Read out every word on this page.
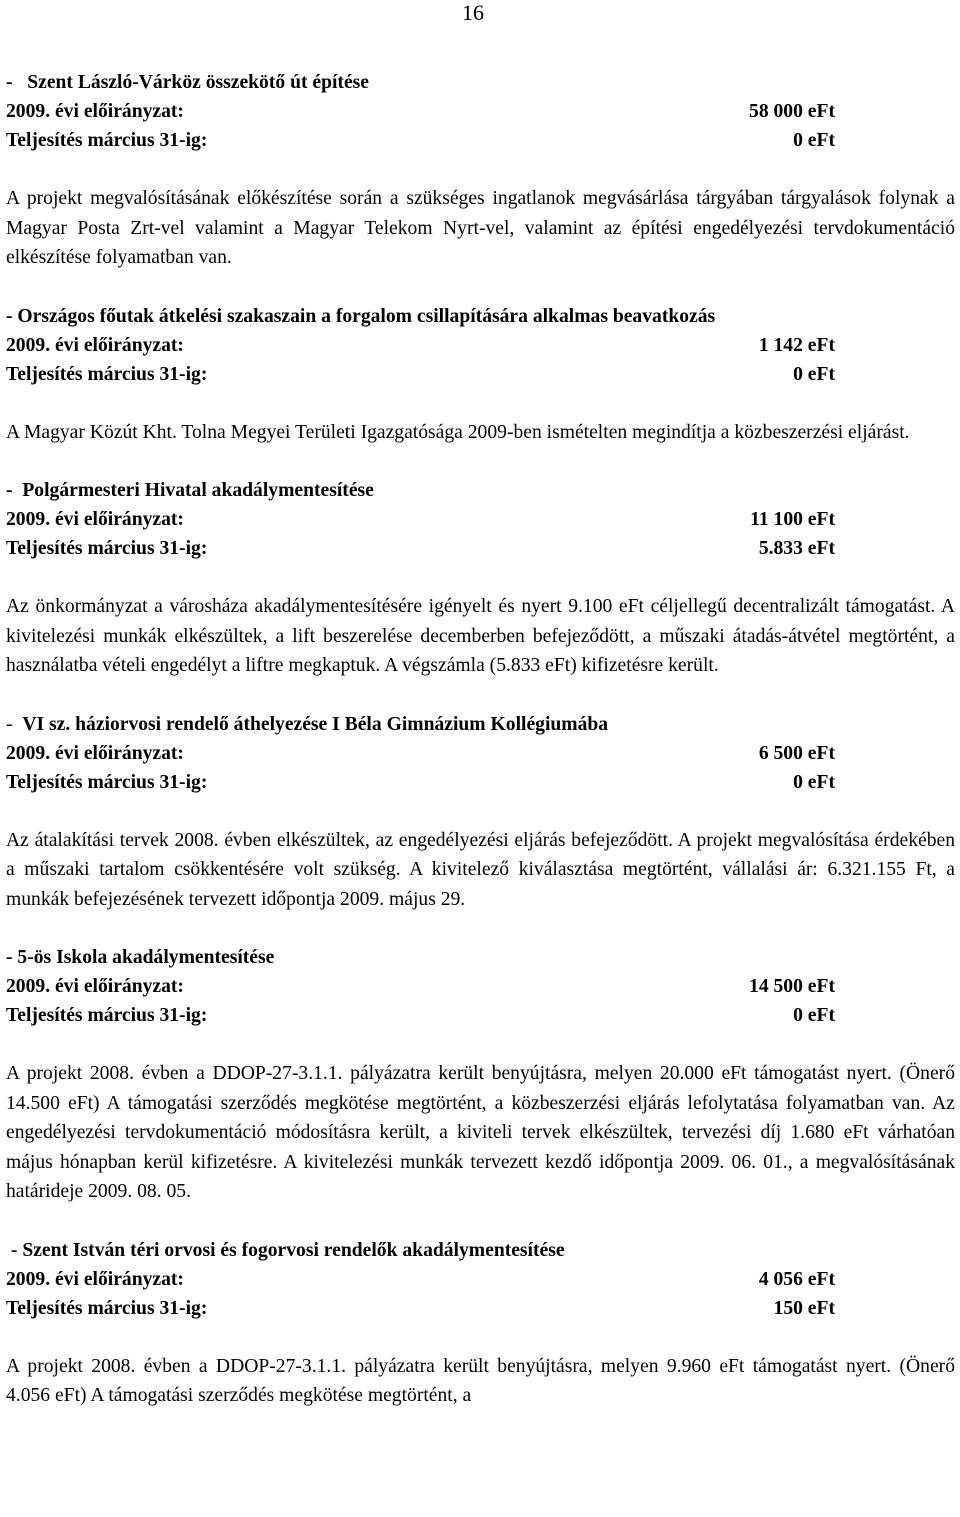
16
-   Szent László-Várköz összekötő út építése
2009. évi előirányzat:	58 000 eFt
Teljesítés március 31-ig:	0 eFt
A projekt megvalósításának előkészítése során a szükséges ingatlanok megvásárlása tárgyában tárgyalások folynak a Magyar Posta Zrt-vel valamint a Magyar Telekom Nyrt-vel, valamint az építési engedélyezési tervdokumentáció elkészítése folyamatban van.
- Országos főutak átkelési szakaszain a forgalom csillapítására alkalmas beavatkozás
2009. évi előirányzat:	1 142 eFt
Teljesítés március 31-ig:	0 eFt
A Magyar Közút Kht. Tolna Megyei Területi Igazgatósága 2009-ben ismételten megindítja a közbeszerzési eljárást.
-  Polgármesteri Hivatal akadálymentesítése
2009. évi előirányzat:	11 100 eFt
Teljesítés március 31-ig:	5.833 eFt
Az önkormányzat a városháza akadálymentesítésére igényelt és nyert 9.100 eFt céljellegű decentralizált támogatást. A kivitelezési munkák elkészültek, a lift beszerelése decemberben befejeződött, a műszaki átadás-átvétel megtörtént, a használatba vételi engedélyt a liftre megkaptuk. A végszámla (5.833 eFt) kifizetésre került.
-  VI sz. háziorvosi rendelő áthelyezése I Béla Gimnázium Kollégiumába
2009. évi előirányzat:	6 500 eFt
Teljesítés március 31-ig:	0 eFt
Az átalakítási tervek 2008. évben elkészültek, az engedélyezési eljárás befejeződött. A projekt megvalósítása érdekében a műszaki tartalom csökkentésére volt szükség. A kivitelező kiválasztása megtörtént, vállalási ár: 6.321.155 Ft, a munkák befejezésének tervezett időpontja 2009. május 29.
- 5-ös Iskola akadálymentesítése
2009. évi előirányzat:	14 500 eFt
Teljesítés március 31-ig:	0 eFt
A projekt 2008. évben a DDOP-27-3.1.1. pályázatra került benyújtásra, melyen 20.000 eFt támogatást nyert. (Önerő 14.500 eFt) A támogatási szerződés megkötése megtörtént, a közbeszerzési eljárás lefolytatása folyamatban van. Az engedélyezési tervdokumentáció módosításra került, a kiviteli tervek elkészültek, tervezési díj 1.680 eFt várhatóan május hónapban kerül kifizetésre. A kivitelezési munkák tervezett kezdő időpontja 2009. 06. 01., a megvalósításának határideje 2009. 08. 05.
- Szent István téri orvosi és fogorvosi rendelők akadálymentesítése
2009. évi előirányzat:	4 056 eFt
Teljesítés március 31-ig:	150 eFt
A projekt 2008. évben a DDOP-27-3.1.1. pályázatra került benyújtásra, melyen 9.960 eFt támogatást nyert. (Önerő 4.056 eFt) A támogatási szerződés megkötése megtörtént, a
